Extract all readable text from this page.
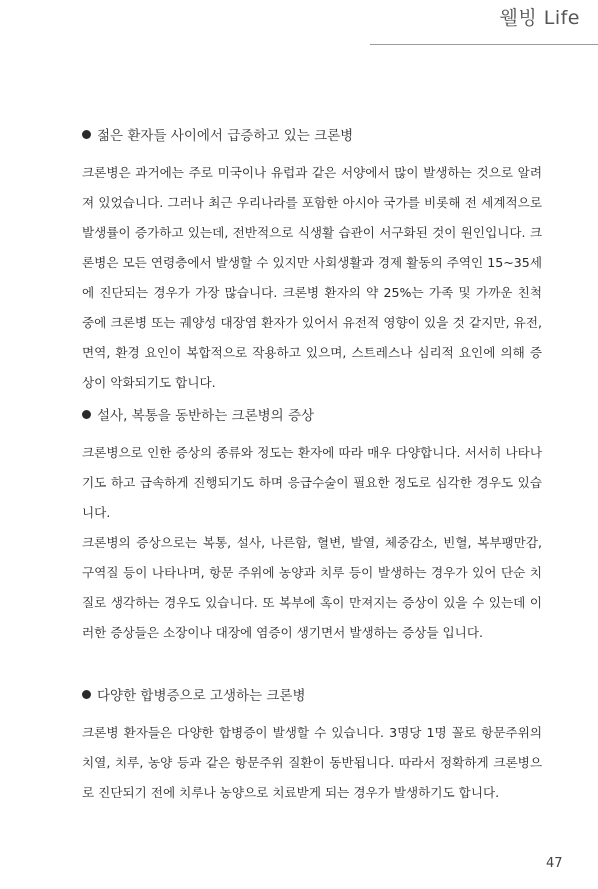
웰빙 Life
젊은 환자들 사이에서 급증하고 있는 크론병

크론병은 과거에는 주로 미국이나 유럽과 같은 서양에서 많이 발생하는 것으로 알려져 있었습니다. 그러나 최근 우리나라를 포함한 아시아 국가를 비롯해 전 세계적으로 발생률이 증가하고 있는데, 전반적으로 식생활 습관이 서구화된 것이 원인입니다. 크론병은 모든 연령층에서 발생할 수 있지만 사회생활과 경제 활동의 주역인 15~35세에 진단되는 경우가 가장 많습니다. 크론병 환자의 약 25%는 가족 및 가까운 친척 중에 크론병 또는 궤양성 대장염 환자가 있어서 유전적 영향이 있을 것 같지만, 유전, 면역, 환경 요인이 복합적으로 작용하고 있으며, 스트레스나 심리적 요인에 의해 증상이 악화되기도 합니다.

설사, 복통을 동반하는 크론병의 증상

크론병으로 인한 증상의 종류와 정도는 환자에 따라 매우 다양합니다. 서서히 나타나기도 하고 급속하게 진행되기도 하며 응급수술이 필요한 정도로 심각한 경우도 있습니다.

크론병의 증상으로는 복통, 설사, 나른함, 혈변, 발열, 체중감소, 빈혈, 복부팽만감, 구역질 등이 나타나며, 항문 주위에 농양과 치루 등이 발생하는 경우가 있어 단순 치질로 생각하는 경우도 있습니다. 또 복부에 혹이 만져지는 증상이 있을 수 있는데 이러한 증상들은 소장이나 대장에 염증이 생기면서 발생하는 증상들 입니다.

다양한 합병증으로 고생하는 크론병

크론병 환자들은 다양한 합병증이 발생할 수 있습니다. 3명당 1명 꼴로 항문주위의 치열, 치루, 농양 등과 같은 항문주위 질환이 동반됩니다. 따라서 정확하게 크론병으로 진단되기 전에 치루나 농양으로 치료받게 되는 경우가 발생하기도 합니다.

47
